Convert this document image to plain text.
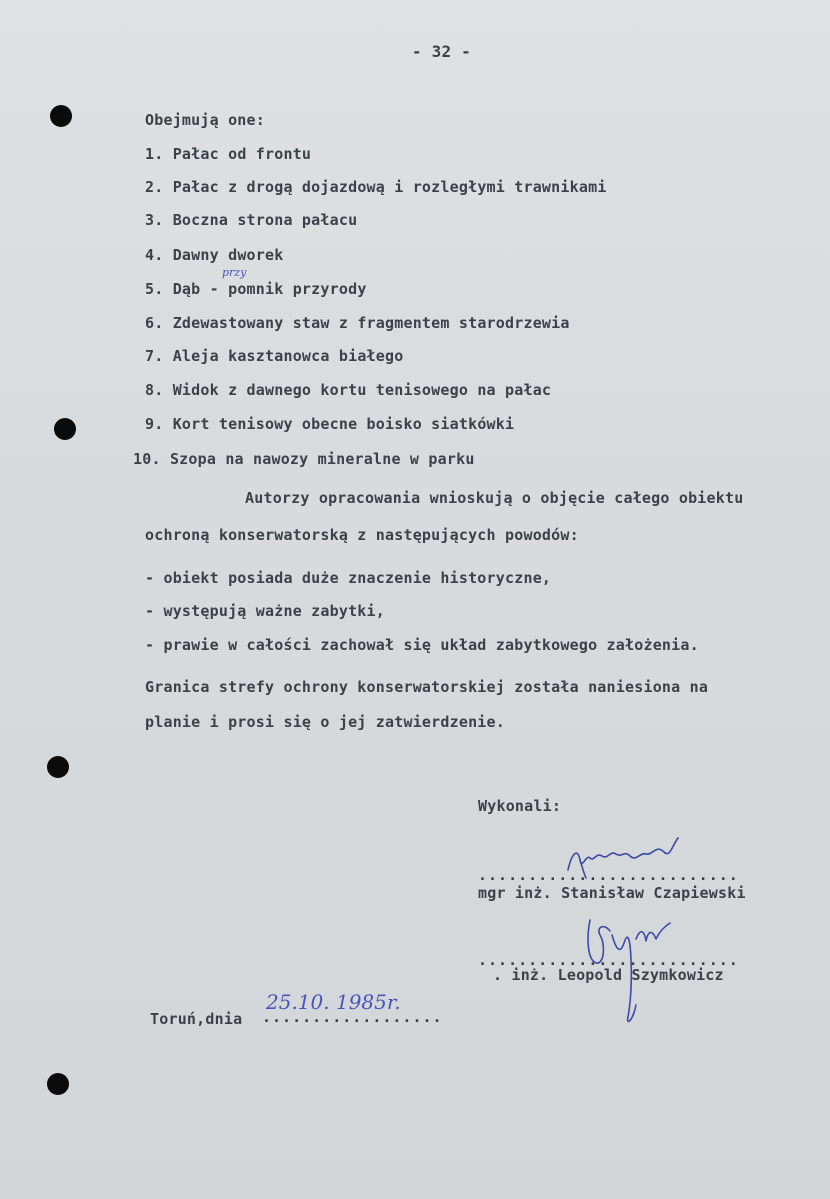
- 32 -
Obejmują one:
1. Pałac od frontu
2. Pałac z drogą dojazdową i rozległymi trawnikami
3. Boczna strona pałacu
4. Dawny dworek
5. Dąb - pomnik przyrody
6. Zdewastowany staw z fragmentem starodrzewia
7. Aleja kasztanowca białego
8. Widok z dawnego kortu tenisowego na pałac
9. Kort tenisowy obecne boisko siatkówki
10. Szopa na nawozy mineralne w parku
przy
Autorzy opracowania wnioskują o objęcie całego obiektu
ochroną konserwatorską z następujących powodów:
- obiekt posiada duże znaczenie historyczne,
- występują ważne zabytki,
- prawie w całości zachował się układ zabytkowego założenia.
Granica strefy ochrony konserwatorskiej została naniesiona na
planie i prosi się o jej zatwierdzenie.
Wykonali:
..........................
mgr inż. Stanisław Czapiewski
..........................
. inż. Leopold Szymkowicz
Toruń,dnia ..................
25.10. 1985r.
